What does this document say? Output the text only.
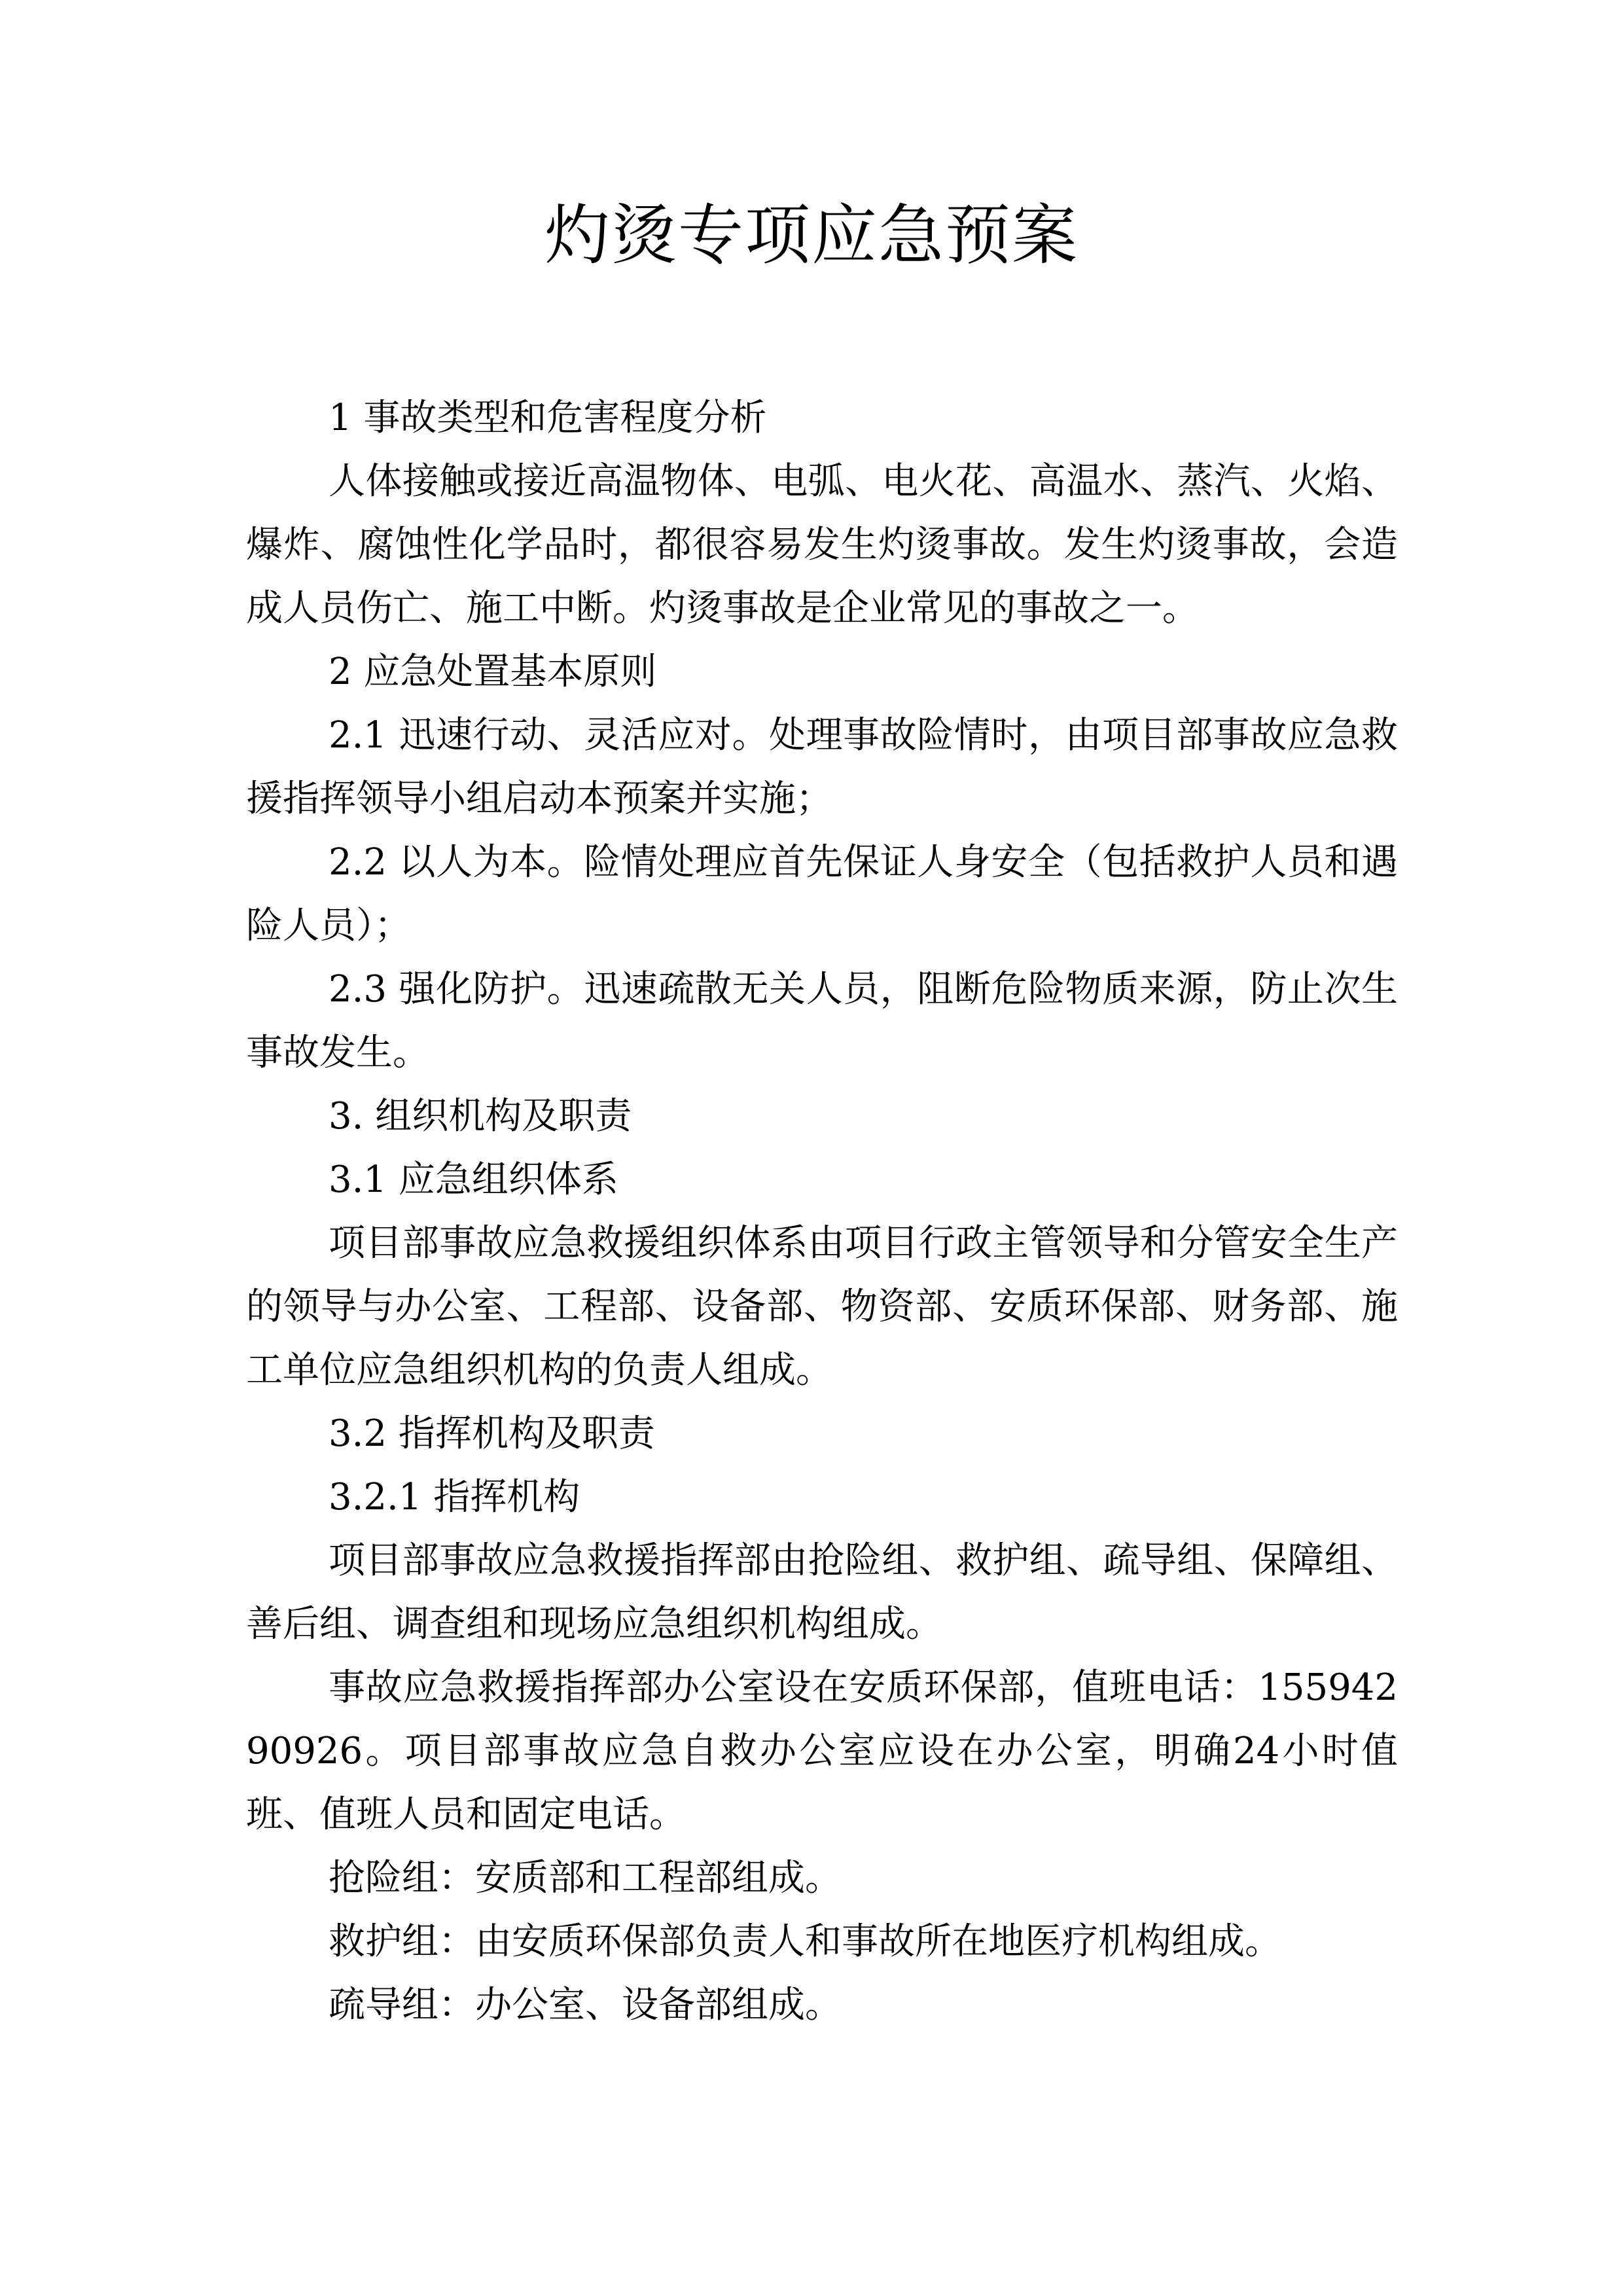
灼烫专项应急预案

1 事故类型和危害程度分析

人体接触或接近高温物体、电弧、电火花、高温水、蒸汽、火焰、爆炸、腐蚀性化学品时，都很容易发生灼烫事故。发生灼烫事故，会造成人员伤亡、施工中断。灼烫事故是企业常见的事故之一。

2 应急处置基本原则

2.1 迅速行动、灵活应对。处理事故险情时，由项目部事故应急救援指挥领导小组启动本预案并实施；

2.2 以人为本。险情处理应首先保证人身安全（包括救护人员和遇险人员）；

2.3 强化防护。迅速疏散无关人员，阻断危险物质来源，防止次生事故发生。

3. 组织机构及职责

3.1 应急组织体系

项目部事故应急救援组织体系由项目行政主管领导和分管安全生产的领导与办公室、工程部、设备部、物资部、安质环保部、财务部、施工单位应急组织机构的负责人组成。

3.2 指挥机构及职责

3.2.1 指挥机构

项目部事故应急救援指挥部由抢险组、救护组、疏导组、保障组、善后组、调查组和现场应急组织机构组成。

事故应急救援指挥部办公室设在安质环保部，值班电话：15594290926。项目部事故应急自救办公室应设在办公室，明确24小时值班、值班人员和固定电话。

抢险组：安质部和工程部组成。

救护组：由安质环保部负责人和事故所在地医疗机构组成。

疏导组：办公室、设备部组成。
